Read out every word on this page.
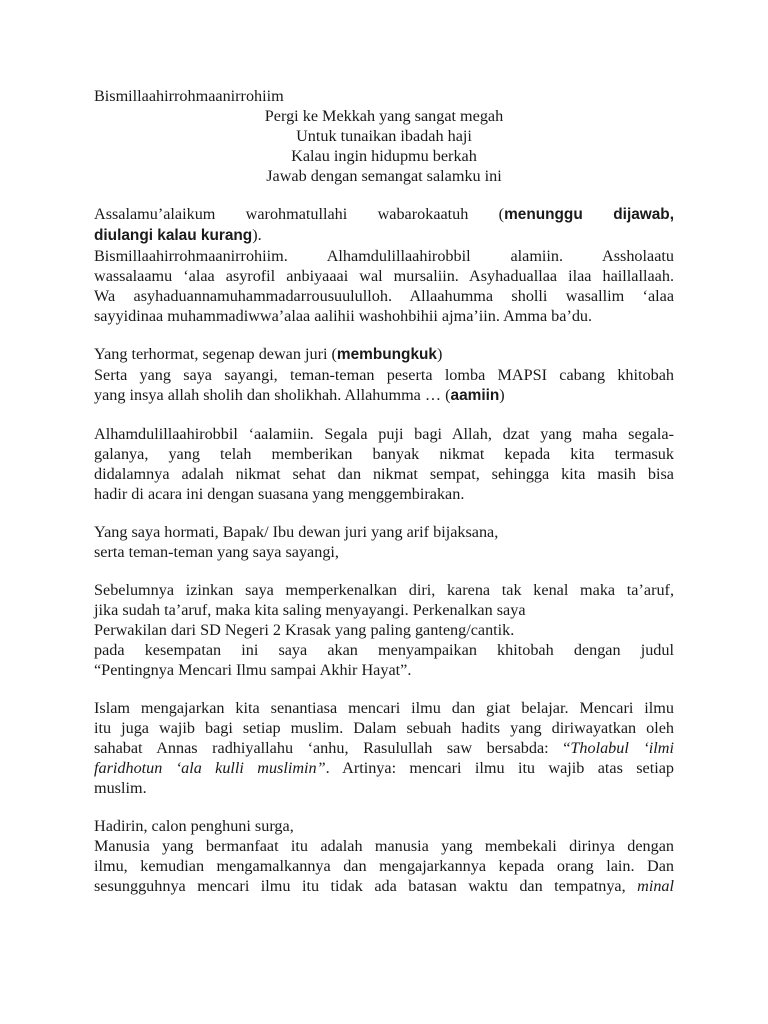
Bismillaahirrohmaanirrohiim
Pergi ke Mekkah yang sangat megah
Untuk tunaikan ibadah haji
Kalau ingin hidupmu berkah
Jawab dengan semangat salamku ini
Assalamu’alaikum warohmatullahi wabarokaatuh (menunggu dijawab,
diulangi kalau kurang).
Bismillaahirrohmaanirrohiim. Alhamdulillaahirobbil alamiin. Assholaatu
wassalaamu ‘alaa asyrofil anbiyaaai wal mursaliin. Asyhaduallaa ilaa haillallaah.
Wa asyhaduannamuhammadarrousuululloh. Allaahumma sholli wasallim ‘alaa
sayyidinaa muhammadiwwa’alaa aalihii washohbihii ajma’iin. Amma ba’du.
Yang terhormat, segenap dewan juri (membungkuk)
Serta yang saya sayangi, teman-teman peserta lomba MAPSI cabang khitobah
yang insya allah sholih dan sholikhah. Allahumma … (aamiin)
Alhamdulillaahirobbil ‘aalamiin. Segala puji bagi Allah, dzat yang maha segala-
galanya, yang telah memberikan banyak nikmat kepada kita termasuk
didalamnya adalah nikmat sehat dan nikmat sempat, sehingga kita masih bisa
hadir di acara ini dengan suasana yang menggembirakan.
Yang saya hormati, Bapak/ Ibu dewan juri yang arif bijaksana,
serta teman-teman yang saya sayangi,
Sebelumnya izinkan saya memperkenalkan diri, karena tak kenal maka ta’aruf,
jika sudah ta’aruf, maka kita saling menyayangi. Perkenalkan saya
Perwakilan dari SD Negeri 2 Krasak yang paling ganteng/cantik.
pada kesempatan ini saya akan menyampaikan khitobah dengan judul
“Pentingnya Mencari Ilmu sampai Akhir Hayat”.
Islam mengajarkan kita senantiasa mencari ilmu dan giat belajar. Mencari ilmu
itu juga wajib bagi setiap muslim. Dalam sebuah hadits yang diriwayatkan oleh
sahabat Annas radhiyallahu ‘anhu, Rasulullah saw bersabda: “Tholabul ‘ilmi
faridhotun ‘ala kulli muslimin”. Artinya: mencari ilmu itu wajib atas setiap
muslim.
Hadirin, calon penghuni surga,
Manusia yang bermanfaat itu adalah manusia yang membekali dirinya dengan
ilmu, kemudian mengamalkannya dan mengajarkannya kepada orang lain. Dan
sesungguhnya mencari ilmu itu tidak ada batasan waktu dan tempatnya, minal
